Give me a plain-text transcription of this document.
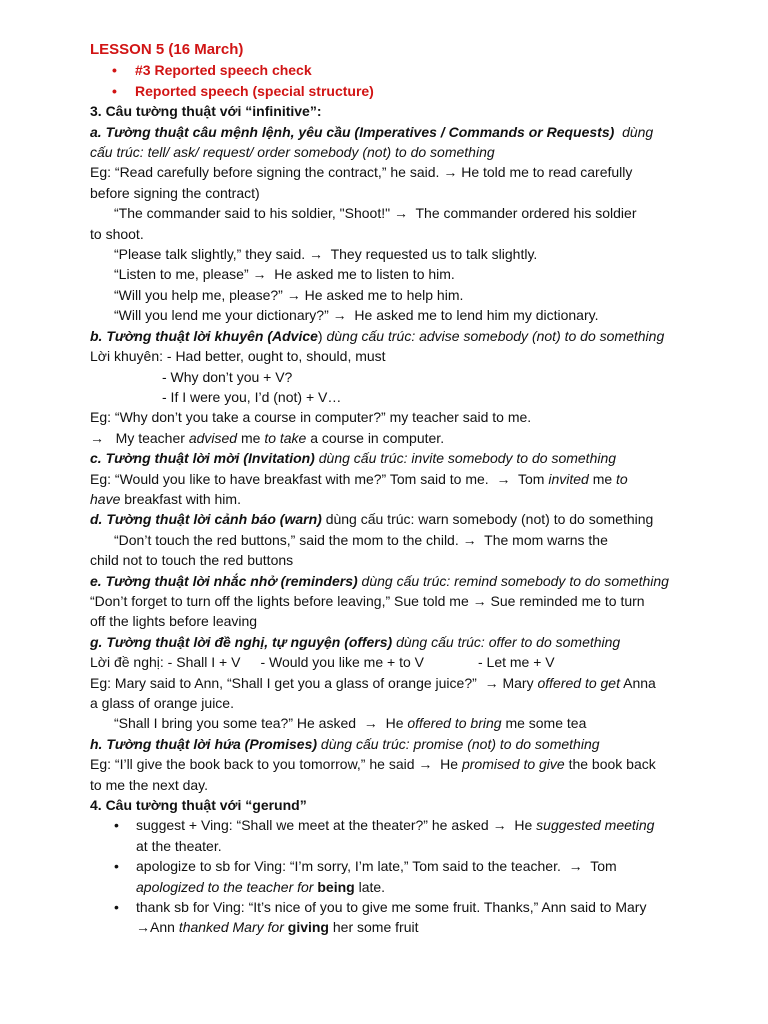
LESSON 5 (16 March)

• #3 Reported speech check

• Reported speech (special structure)

3. Câu tường thuật với “infinitive”:

a. Tường thuật câu mệnh lệnh, yêu cầu (Imperatives / Commands or Requests) dùng

cấu trúc: tell/ ask/ request/ order somebody (not) to do something

Eg: “Read carefully before signing the contract,” he said. → He told me to read carefully

before signing the contract)

“The commander said to his soldier, "Shoot!" → The commander ordered his soldier

to shoot.

“Please talk slightly,” they said. → They requested us to talk slightly.

“Listen to me, please” → He asked me to listen to him.

“Will you help me, please?” → He asked me to help him.

“Will you lend me your dictionary?” → He asked me to lend him my dictionary.

b. Tường thuật lời khuyên (Advice) dùng cấu trúc: advise somebody (not) to do something

Lời khuyên: - Had better, ought to, should, must

- Why don’t you + V?

- If I were you, I’d (not) + V…

Eg: “Why don’t you take a course in computer?” my teacher said to me.

→ My teacher advised me to take a course in computer.

c. Tường thuật lời mời (Invitation) dùng cấu trúc: invite somebody to do something

Eg: “Would you like to have breakfast with me?” Tom said to me. → Tom invited me to

have breakfast with him.

d. Tường thuật lời cảnh báo (warn) dùng cấu trúc: warn somebody (not) to do something

“Don’t touch the red buttons,” said the mom to the child. → The mom warns the

child not to touch the red buttons

e. Tường thuật lời nhắc nhở (reminders) dùng cấu trúc: remind somebody to do something

“Don’t forget to turn off the lights before leaving,” Sue told me → Sue reminded me to turn

off the lights before leaving

g. Tường thuật lời đề nghị, tự nguyện (offers) dùng cấu trúc: offer to do something

Lời đề nghị: - Shall I + V - Would you like me + to V	- Let me + V

Eg: Mary said to Ann, “Shall I get you a glass of orange juice?” → Mary offered to get Anna

a glass of orange juice.

“Shall I bring you some tea?” He asked → He offered to bring me some tea

h. Tường thuật lời hứa (Promises) dùng cấu trúc: promise (not) to do something

Eg: “I’ll give the book back to you tomorrow,” he said → He promised to give the book back

to me the next day.

4. Câu tường thuật với “gerund”

• suggest + Ving: “Shall we meet at the theater?” he asked → He suggested meeting
at the theater.

• apologize to sb for Ving: “I’m sorry, I’m late,” Tom said to the teacher. → Tom
apologized to the teacher for being late.

• thank sb for Ving: “It’s nice of you to give me some fruit. Thanks,” Ann said to Mary
→Ann thanked Mary for giving her some fruit
